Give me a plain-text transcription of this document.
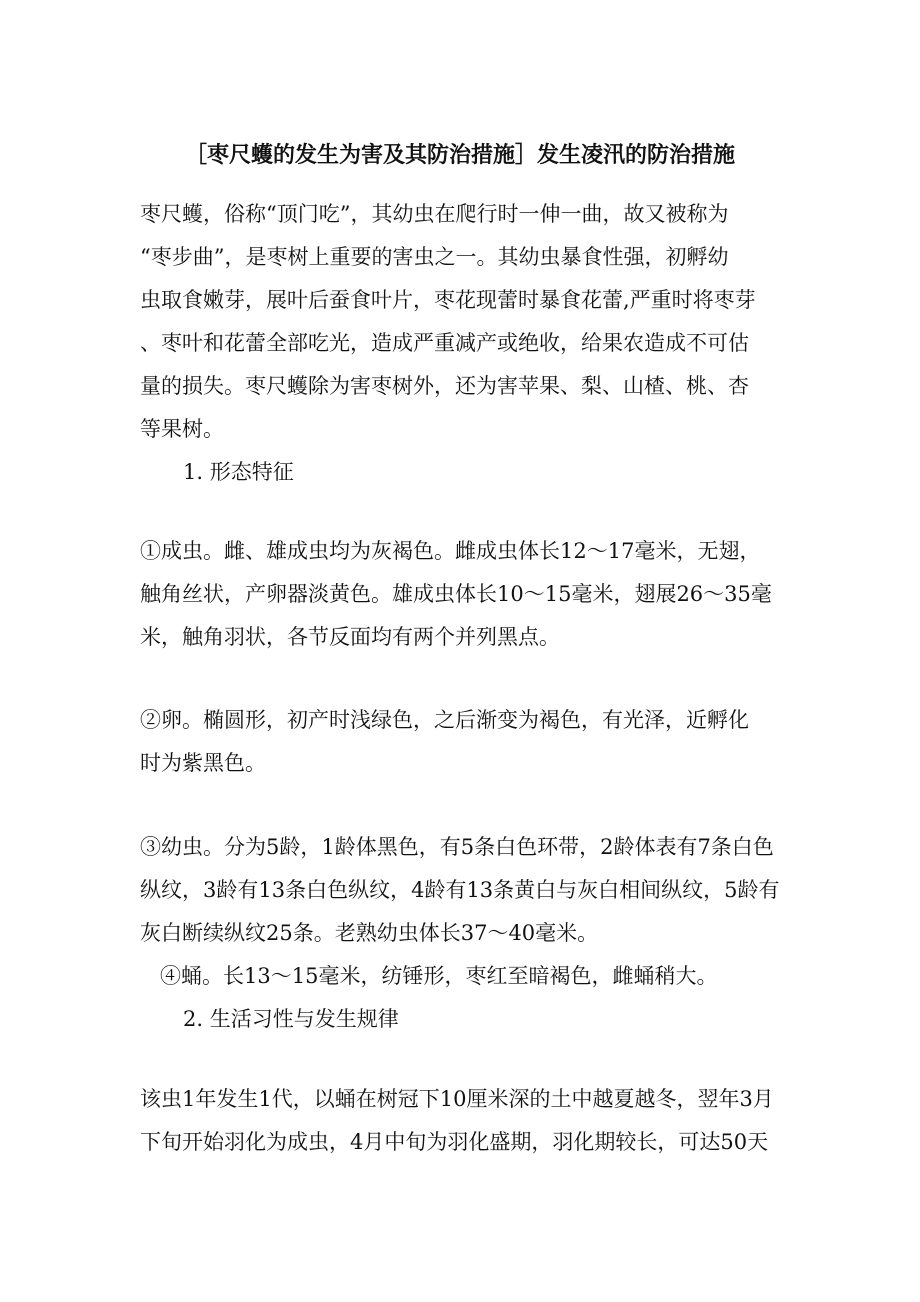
［枣尺蠖的发生为害及其防治措施］发生凌汛的防治措施
枣尺蠖，俗称“顶门吃”，其幼虫在爬行时一伸一曲，故又被称为
“枣步曲”，是枣树上重要的害虫之一。其幼虫暴食性强，初孵幼
虫取食嫩芽，展叶后蚕食叶片，枣花现蕾时暴食花蕾,严重时将枣芽
、枣叶和花蕾全部吃光，造成严重减产或绝收，给果农造成不可估
量的损失。枣尺蠖除为害枣树外，还为害苹果、梨、山楂、桃、杏
等果树。
1. 形态特征
①成虫。雌、雄成虫均为灰褐色。雌成虫体长12～17毫米，无翅，
触角丝状，产卵器淡黄色。雄成虫体长10～15毫米，翅展26～35毫
米，触角羽状，各节反面均有两个并列黑点。
②卵。椭圆形，初产时浅绿色，之后渐变为褐色，有光泽，近孵化
时为紫黑色。
③幼虫。分为5龄，1龄体黑色，有5条白色环带，2龄体表有7条白色
纵纹，3龄有13条白色纵纹，4龄有13条黄白与灰白相间纵纹，5龄有
灰白断续纵纹25条。老熟幼虫体长37～40毫米。
④蛹。长13～15毫米，纺锤形，枣红至暗褐色，雌蛹稍大。
2. 生活习性与发生规律
该虫1年发生1代，以蛹在树冠下10厘米深的土中越夏越冬，翌年3月
下旬开始羽化为成虫，4月中旬为羽化盛期，羽化期较长，可达50天
